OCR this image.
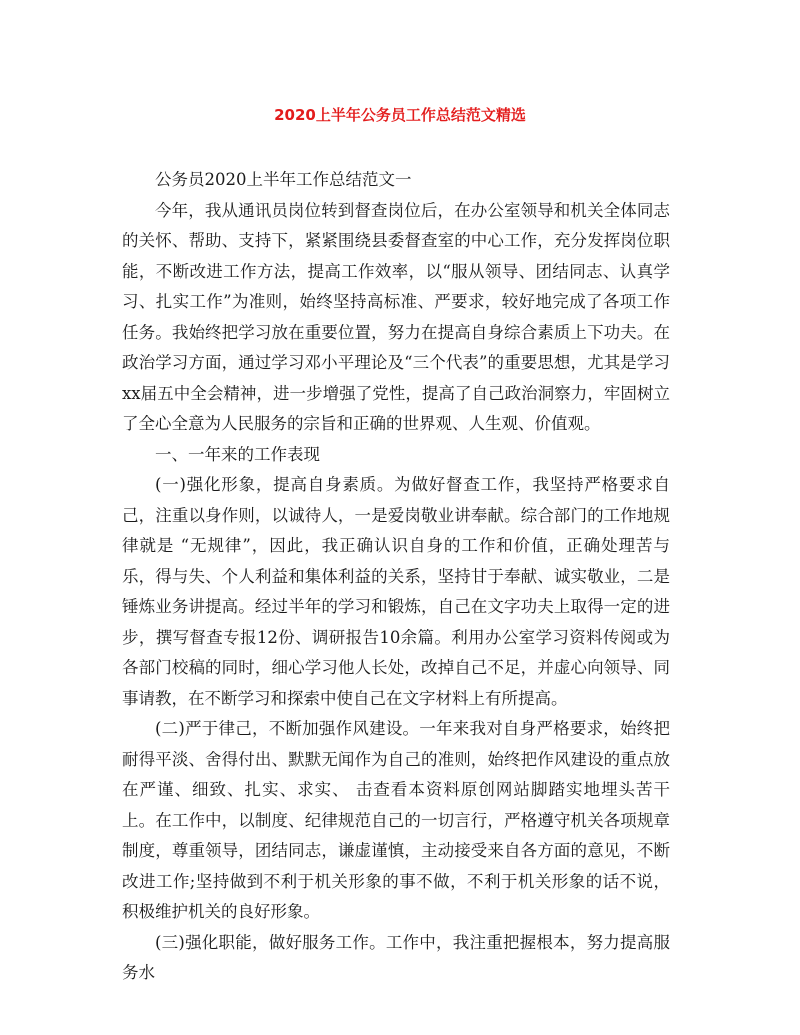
2020上半年公务员工作总结范文精选

公务员2020上半年工作总结范文一

今年，我从通讯员岗位转到督查岗位后，在办公室领导和机关全体同志的关怀、帮助、支持下，紧紧围绕县委督查室的中心工作，充分发挥岗位职能，不断改进工作方法，提高工作效率，以“服从领导、团结同志、认真学习、扎实工作”为准则，始终坚持高标准、严要求，较好地完成了各项工作任务。我始终把学习放在重要位置，努力在提高自身综合素质上下功夫。在政治学习方面，通过学习邓小平理论及“三个代表”的重要思想，尤其是学习xx届五中全会精神，进一步增强了党性，提高了自己政治洞察力，牢固树立了全心全意为人民服务的宗旨和正确的世界观、人生观、价值观。

一、一年来的工作表现

(一)强化形象，提高自身素质。为做好督查工作，我坚持严格要求自己，注重以身作则，以诚待人，一是爱岗敬业讲奉献。综合部门的工作地规律就是 “无规律”，因此，我正确认识自身的工作和价值，正确处理苦与乐，得与失、个人利益和集体利益的关系，坚持甘于奉献、诚实敬业，二是锤炼业务讲提高。经过半年的学习和锻炼，自己在文字功夫上取得一定的进步，撰写督查专报12份、调研报告10余篇。利用办公室学习资料传阅或为各部门校稿的同时，细心学习他人长处，改掉自己不足，并虚心向领导、同事请教，在不断学习和探索中使自己在文字材料上有所提高。

(二)严于律己，不断加强作风建设。一年来我对自身严格要求，始终把耐得平淡、舍得付出、默默无闻作为自己的准则，始终把作风建设的重点放在严谨、细致、扎实、求实、 击查看本资料原创网站脚踏实地埋头苦干上。在工作中，以制度、纪律规范自己的一切言行，严格遵守机关各项规章制度，尊重领导，团结同志，谦虚谨慎，主动接受来自各方面的意见，不断改进工作;坚持做到不利于机关形象的事不做，不利于机关形象的话不说，积极维护机关的良好形象。

(三)强化职能，做好服务工作。工作中，我注重把握根本，努力提高服务水
